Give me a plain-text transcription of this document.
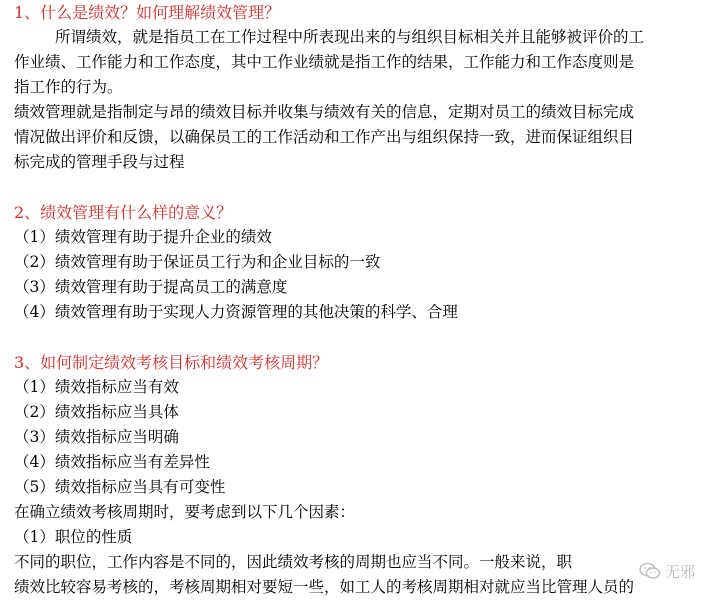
1、什么是绩效？如何理解绩效管理？
所谓绩效，就是指员工在工作过程中所表现出来的与组织目标相关并且能够被评价的工
作业绩、工作能力和工作态度，其中工作业绩就是指工作的结果，工作能力和工作态度则是
指工作的行为。
绩效管理就是指制定与昂的绩效目标并收集与绩效有关的信息，定期对员工的绩效目标完成
情况做出评价和反馈，以确保员工的工作活动和工作产出与组织保持一致，进而保证组织目
标完成的管理手段与过程
2、绩效管理有什么样的意义？
（1）绩效管理有助于提升企业的绩效
（2）绩效管理有助于保证员工行为和企业目标的一致
（3）绩效管理有助于提高员工的满意度
（4）绩效管理有助于实现人力资源管理的其他决策的科学、合理
3、如何制定绩效考核目标和绩效考核周期？
（1）绩效指标应当有效
（2）绩效指标应当具体
（3）绩效指标应当明确
（4）绩效指标应当有差异性
（5）绩效指标应当具有可变性
在确立绩效考核周期时，要考虑到以下几个因素：
（1）职位的性质
不同的职位，工作内容是不同的，因此绩效考核的周期也应当不同。一般来说，职
绩效比较容易考核的，考核周期相对要短一些，如工人的考核周期相对就应当比管理人员的
无邪
